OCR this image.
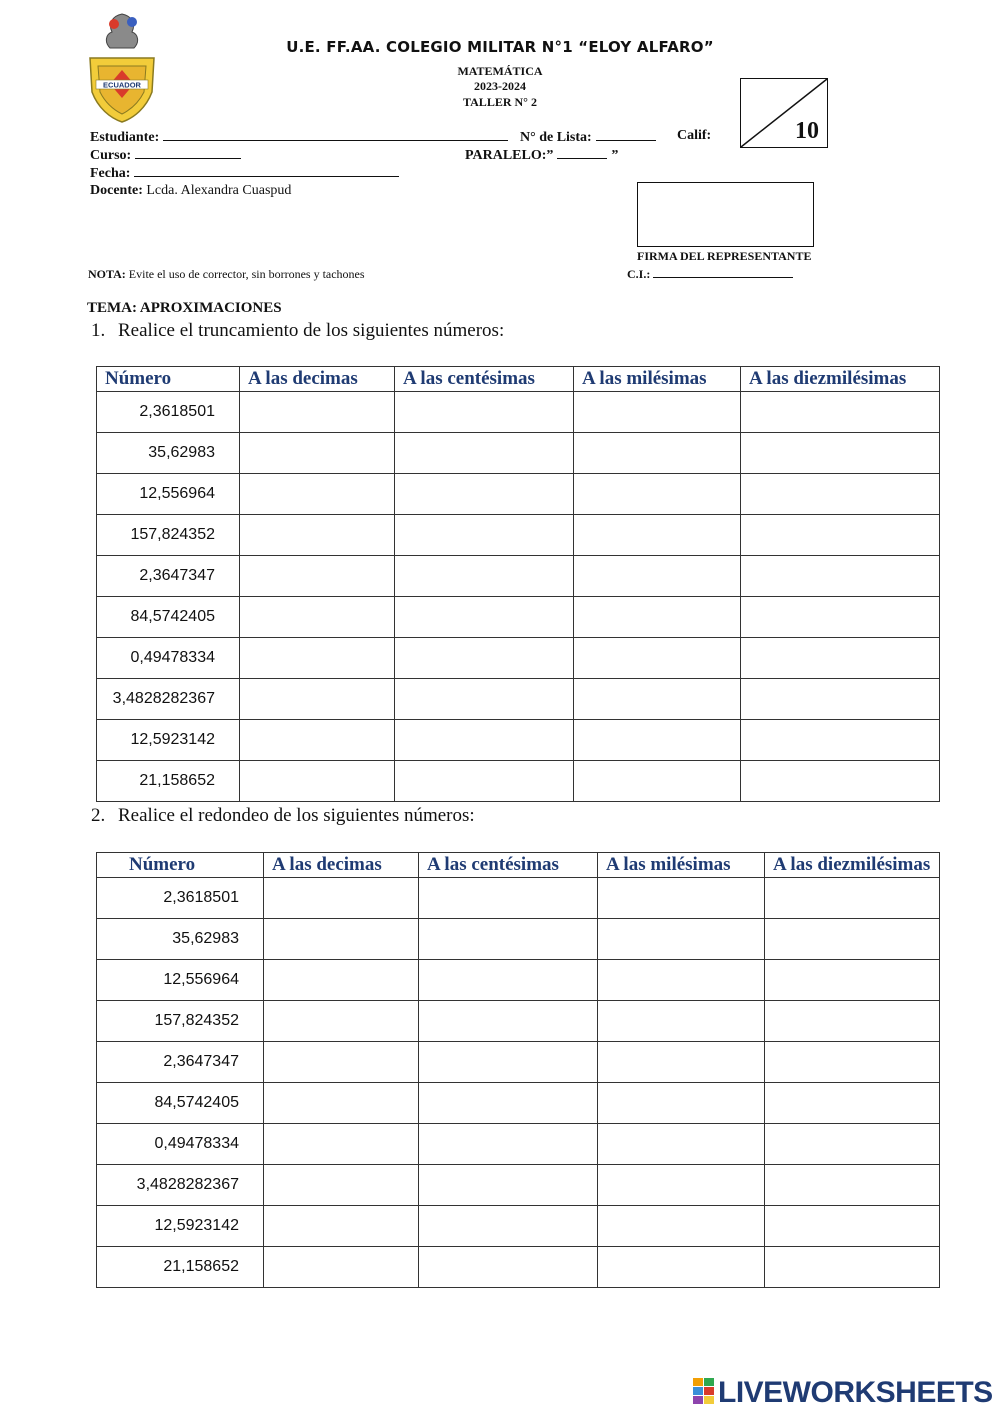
ECUADOR
U.E. FF.AA. COLEGIO MILITAR N°1 “ELOY ALFARO”
MATEMÁTICA
2023-2024
TALLER N° 2
Estudiante:	N° de Lista:	Calif:	10
Curso:	PARALELO:”	”
Fecha:
Docente: Lcda. Alexandra Cuaspud
FIRMA DEL REPRESENTANTE
NOTA: Evite el uso de corrector, sin borrones y tachones	C.I.:
TEMA: APROXIMACIONES
1. Realice el truncamiento de los siguientes números:
Número	A las decimas	A las centésimas	A las milésimas	A las diezmilésimas
2,3618501				
35,62983				
12,556964				
157,824352				
2,3647347				
84,5742405				
0,49478334				
3,4828282367				
12,5923142				
21,158652				
2. Realice el redondeo de los siguientes números:
Número	A las decimas	A las centésimas	A las milésimas	A las diezmilésimas
2,3618501				
35,62983				
12,556964				
157,824352				
2,3647347				
84,5742405				
0,49478334				
3,4828282367				
12,5923142				
21,158652				
LIVEWORKSHEETS
